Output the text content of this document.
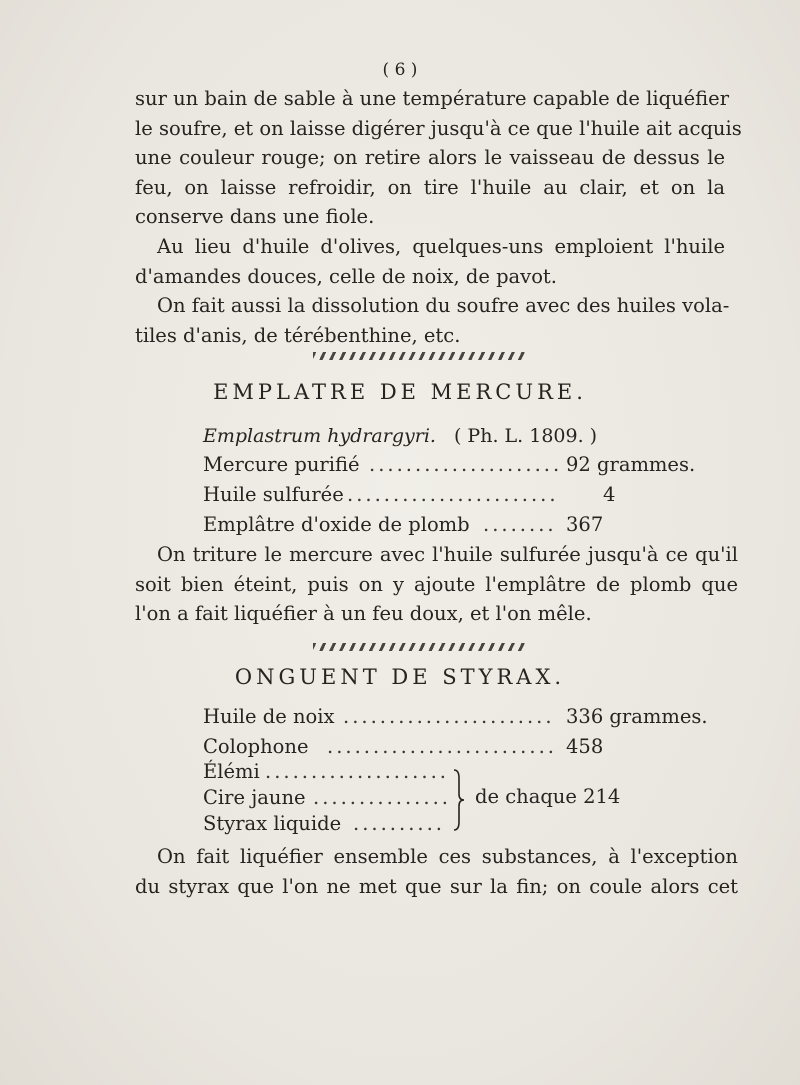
( 6 )
sur un bain de sable à une température capable de liquéfier
le soufre, et on laisse digérer jusqu'à ce que l'huile ait acquis
une couleur rouge; on retire alors le vaisseau de dessus le
feu, on laisse refroidir, on tire l'huile au clair, et on la
conserve dans une fiole.
Au lieu d'huile d'olives, quelques-uns emploient l'huile
d'amandes douces, celle de noix, de pavot.
On fait aussi la dissolution du soufre avec des huiles vola-
tiles d'anis, de térébenthine, etc.
EMPLATRE DE MERCURE.
Emplastrum hydrargyri. ( Ph. L. 1809. )
Mercure purifié ..................... 92 grammes.
Huile sulfurée .......................	4
Emplâtre d'oxide de plomb ........ 367
On triture le mercure avec l'huile sulfurée jusqu'à ce qu'il
soit bien éteint, puis on y ajoute l'emplâtre de plomb que
l'on a fait liquéfier à un feu doux, et l'on mêle.
ONGUENT DE STYRAX.
Huile de noix ....................... 336 grammes.
Colophone ......................... 458
Élémi ....................
Cire jaune ...............
Styrax liquide ..........
de chaque 214
On fait liquéfier ensemble ces substances, à l'exception
du styrax que l'on ne met que sur la fin; on coule alors cet
